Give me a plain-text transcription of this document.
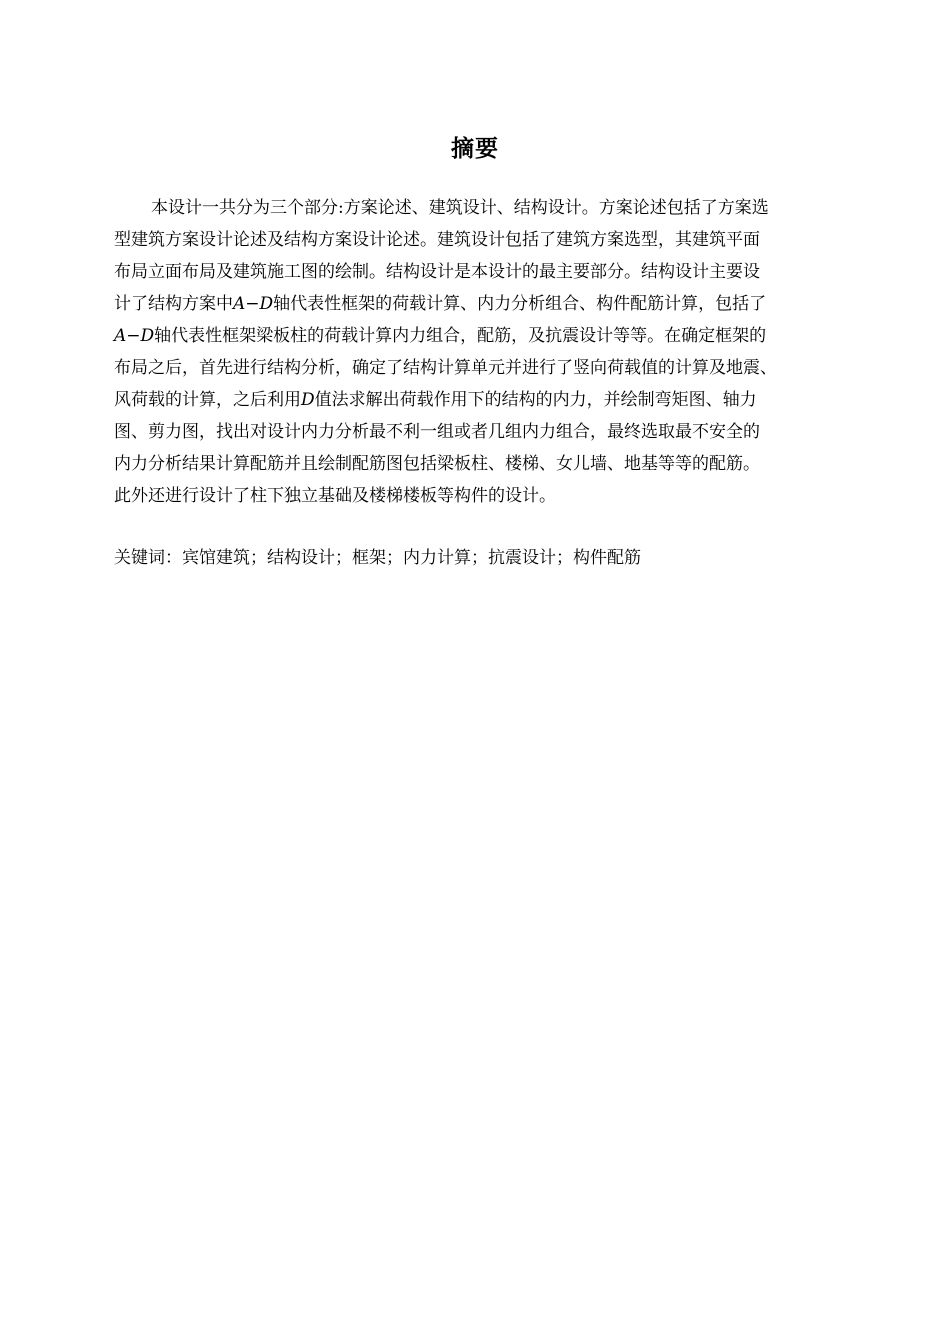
摘要
本设计一共分为三个部分:方案论述、建筑设计、结构设计。方案论述包括了方案选
型建筑方案设计论述及结构方案设计论述。建筑设计包括了建筑方案选型，其建筑平面
布局立面布局及建筑施工图的绘制。结构设计是本设计的最主要部分。结构设计主要设
计了结构方案中A−D轴代表性框架的荷载计算、内力分析组合、构件配筋计算，包括了
A−D轴代表性框架梁板柱的荷载计算内力组合，配筋，及抗震设计等等。在确定框架的
布局之后，首先进行结构分析，确定了结构计算单元并进行了竖向荷载值的计算及地震、
风荷载的计算，之后利用D值法求解出荷载作用下的结构的内力，并绘制弯矩图、轴力
图、剪力图，找出对设计内力分析最不利一组或者几组内力组合，最终选取最不安全的
内力分析结果计算配筋并且绘制配筋图包括梁板柱、楼梯、女儿墙、地基等等的配筋。
此外还进行设计了柱下独立基础及楼梯楼板等构件的设计。
关键词：宾馆建筑；结构设计；框架；内力计算；抗震设计；构件配筋
